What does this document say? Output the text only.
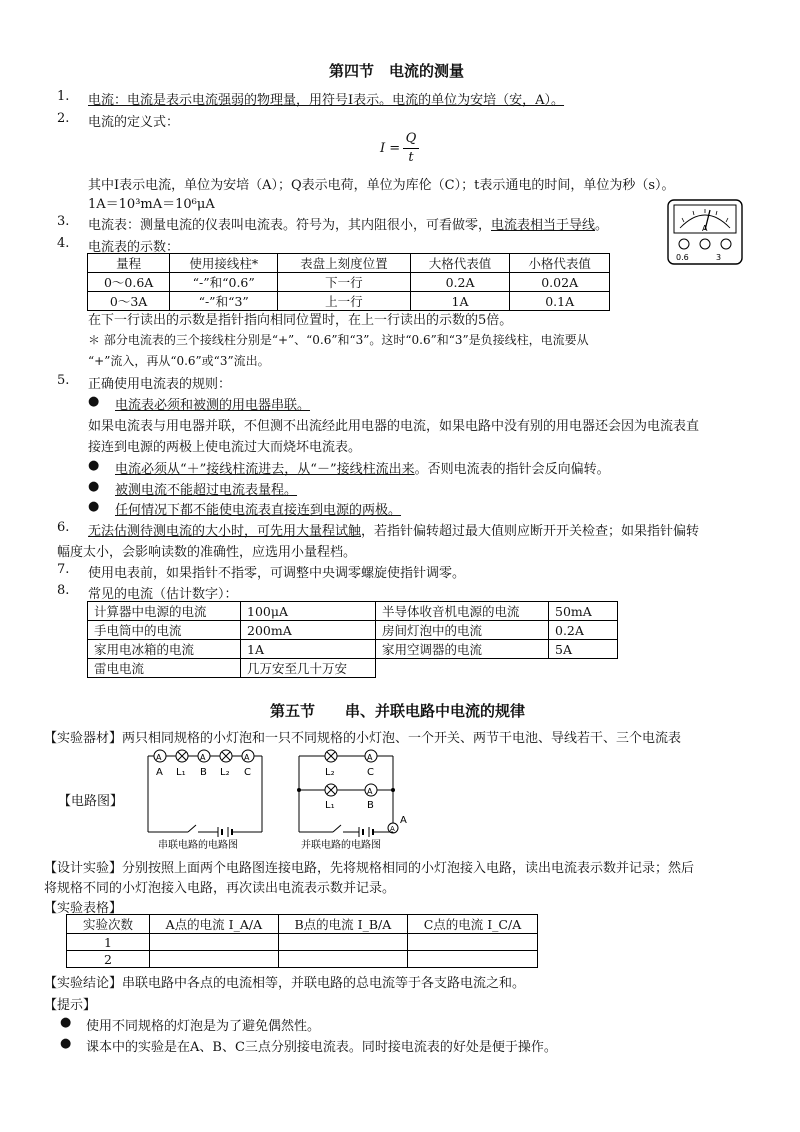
第四节　电流的测量
1. 电流：电流是表示电流强弱的物理量，用符号I表示。电流的单位为安培（安，A）。
2. 电流的定义式：
I =
Q
t
其中I表示电流，单位为安培（A）；Q表示电荷，单位为库伦（C）；t表示通电的时间，单位为秒（s）。
1A＝10³mA＝10⁶μA
3. 电流表：测量电流的仪表叫电流表。符号为，其内阻很小，可看做零，电流表相当于导线。	A
0.6	3
4. 电流表的示数：
量程	使用接线柱*	表盘上刻度位置	大格代表值	小格代表值
0～0.6A	“-”和“0.6”	下一行	0.2A	0.02A
0～3A	“-”和“3”	上一行	1A	0.1A
在下一行读出的示数是指针指向相同位置时，在上一行读出的示数的5倍。
＊ 部分电流表的三个接线柱分别是“+”、“0.6”和“3”。这时“0.6”和“3”是负接线柱，电流要从
“+”流入，再从“0.6”或“3”流出。
5. 正确使用电流表的规则：
● 电流表必须和被测的用电器串联。
如果电流表与用电器并联，不但测不出流经此用电器的电流，如果电路中没有别的用电器还会因为电流表直
接连到电源的两极上使电流过大而烧坏电流表。
● 电流必须从“＋”接线柱流进去，从“－”接线柱流出来。否则电流表的指针会反向偏转。
● 被测电流不能超过电流表量程。
● 任何情况下都不能使电流表直接连到电源的两极。
6. 无法估测待测电流的大小时，可先用大量程试触，若指针偏转超过最大值则应断开开关检查；如果指针偏转
幅度太小，会影响读数的准确性，应选用小量程档。
7. 使用电表前，如果指针不指零，可调整中央调零螺旋使指针调零。
8. 常见的电流（估计数字）：
计算器中电源的电流	100μA	半导体收音机电源的电流	50mA
手电筒中的电流	200mA	房间灯泡中的电流	0.2A
家用电冰箱的电流	1A	家用空调器的电流	5A
雷电电流	几万安至几十万安		
第五节　　串、并联电路中电流的规律
【实验器材】两只相同规格的小灯泡和一只不同规格的小灯泡、一个开关、两节干电池、导线若干、三个电流表
【电路图】
A	A	A
A L₁ B L₂ C
串联电路的电路图
A
A
A
L₂	C
L₁	B
A
并联电路的电路图
【设计实验】分别按照上面两个电路图连接电路，先将规格相同的小灯泡接入电路，读出电流表示数并记录；然后
将规格不同的小灯泡接入电路，再次读出电流表示数并记录。
【实验表格】
实验次数	A点的电流 I_A/A	B点的电流 I_B/A	C点的电流 I_C/A
1			
2			
【实验结论】串联电路中各点的电流相等，并联电路的总电流等于各支路电流之和。
【提示】
● 使用不同规格的灯泡是为了避免偶然性。
● 课本中的实验是在A、B、C三点分别接电流表。同时接电流表的好处是便于操作。
